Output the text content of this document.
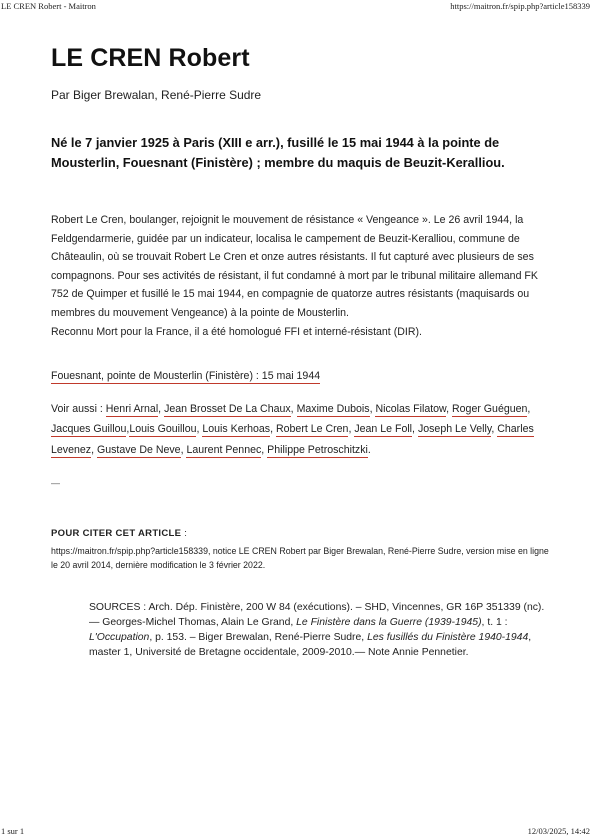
LE CREN Robert - Maitron	https://maitron.fr/spip.php?article158339
LE CREN Robert
Par Biger Brewalan, René-Pierre Sudre
Né le 7 janvier 1925 à Paris (XIII e arr.), fusillé le 15 mai 1944 à la pointe de Mousterlin, Fouesnant (Finistère) ; membre du maquis de Beuzit-Keralliou.

Robert Le Cren, boulanger, rejoignit le mouvement de résistance « Vengeance ». Le 26 avril 1944, la Feldgendarmerie, guidée par un indicateur, localisa le campement de Beuzit-Keralliou, commune de Châteaulin, où se trouvait Robert Le Cren et onze autres résistants. Il fut capturé avec plusieurs de ses compagnons. Pour ses activités de résistant, il fut condamné à mort par le tribunal militaire allemand FK 752 de Quimper et fusillé le 15 mai 1944, en compagnie de quatorze autres résistants (maquisards ou membres du mouvement Vengeance) à la pointe de Mousterlin.

Reconnu Mort pour la France, il a été homologué FFI et interné-résistant (DIR).

Fouesnant, pointe de Mousterlin (Finistère) : 15 mai 1944
Voir aussi : Henri Arnal, Jean Brosset De La Chaux, Maxime Dubois, Nicolas Filatow, Roger Guéguen, Jacques Guillou,Louis Gouillou, Louis Kerhoas, Robert Le Cren, Jean Le Foll, Joseph Le Velly, Charles Levenez, Gustave De Neve, Laurent Pennec, Philippe Petroschitzki.
—
POUR CITER CET ARTICLE :
https://maitron.fr/spip.php?article158339, notice LE CREN Robert par Biger Brewalan, René-Pierre Sudre, version mise en ligne le 20 avril 2014, dernière modification le 3 février 2022.
SOURCES : Arch. Dép. Finistère, 200 W 84 (exécutions). – SHD, Vincennes, GR 16P 351339 (nc). — Georges-Michel Thomas, Alain Le Grand, Le Finistère dans la Guerre (1939-1945), t. 1 : L'Occupation, p. 153. – Biger Brewalan, René-Pierre Sudre, Les fusillés du Finistère 1940-1944, master 1, Université de Bretagne occidentale, 2009-2010.— Note Annie Pennetier.
1 sur 1	12/03/2025, 14:42
